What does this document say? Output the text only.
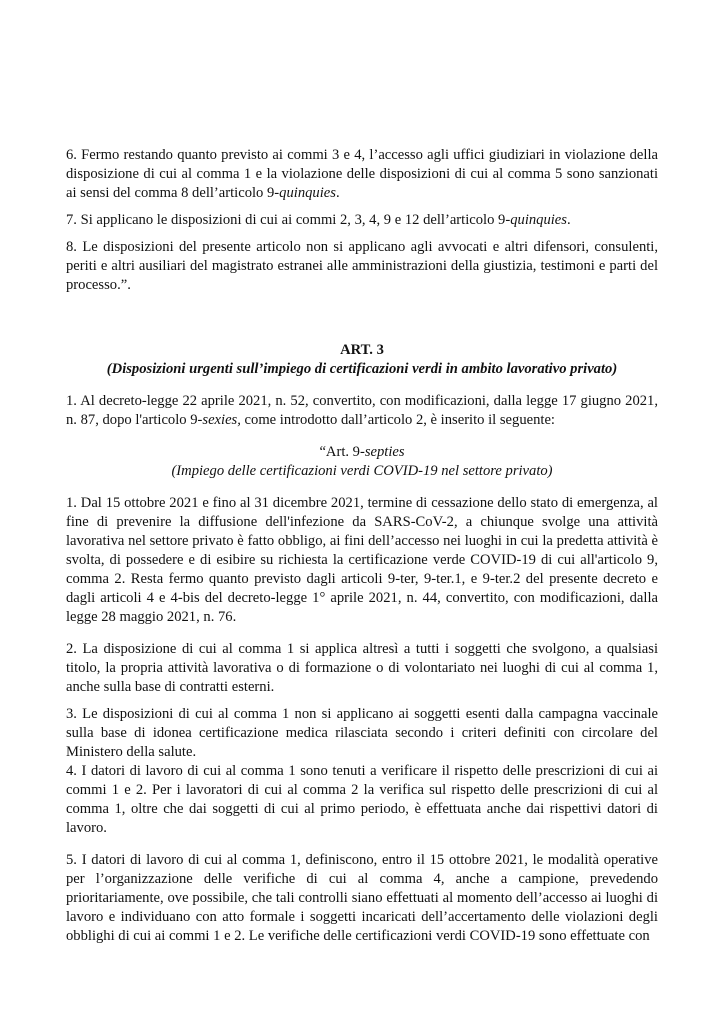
6. Fermo restando quanto previsto ai commi 3 e 4, l’accesso agli uffici giudiziari in violazione della disposizione di cui al comma 1 e la violazione delle disposizioni di cui al comma 5 sono sanzionati ai sensi del comma 8 dell’articolo 9-quinquies.

7. Si applicano le disposizioni di cui ai commi 2, 3, 4, 9 e 12 dell’articolo 9-quinquies.

8. Le disposizioni del presente articolo non si applicano agli avvocati e altri difensori, consulenti, periti e altri ausiliari del magistrato estranei alle amministrazioni della giustizia, testimoni e parti del processo.”.

ART. 3

(Disposizioni urgenti sull’impiego di certificazioni verdi in ambito lavorativo privato)

1. Al decreto-legge 22 aprile 2021, n. 52, convertito, con modificazioni, dalla legge 17 giugno 2021, n. 87, dopo l'articolo 9-sexies, come introdotto dall’articolo 2, è inserito il seguente:

“Art. 9-septies

(Impiego delle certificazioni verdi COVID-19 nel settore privato)

1. Dal 15 ottobre 2021 e fino al 31 dicembre 2021, termine di cessazione dello stato di emergenza, al fine di prevenire la diffusione dell'infezione da SARS-CoV-2, a chiunque svolge una attività lavorativa nel settore privato è fatto obbligo, ai fini dell’accesso nei luoghi in cui la predetta attività è svolta, di possedere e di esibire su richiesta la certificazione verde COVID-19 di cui all'articolo 9, comma 2. Resta fermo quanto previsto dagli articoli 9-ter, 9-ter.1, e 9-ter.2 del presente decreto e dagli articoli 4 e 4-bis del decreto-legge 1° aprile 2021, n. 44, convertito, con modificazioni, dalla legge 28 maggio 2021, n. 76.

2. La disposizione di cui al comma 1 si applica altresì a tutti i soggetti che svolgono, a qualsiasi titolo, la propria attività lavorativa o di formazione o di volontariato nei luoghi di cui al comma 1, anche sulla base di contratti esterni.

3. Le disposizioni di cui al comma 1 non si applicano ai soggetti esenti dalla campagna vaccinale sulla base di idonea certificazione medica rilasciata secondo i criteri definiti con circolare del Ministero della salute.

4. I datori di lavoro di cui al comma 1 sono tenuti a verificare il rispetto delle prescrizioni di cui ai commi 1 e 2. Per i lavoratori di cui al comma 2 la verifica sul rispetto delle prescrizioni di cui al comma 1, oltre che dai soggetti di cui al primo periodo, è effettuata anche dai rispettivi datori di lavoro.

5. I datori di lavoro di cui al comma 1, definiscono, entro il 15 ottobre 2021, le modalità operative per l’organizzazione delle verifiche di cui al comma 4, anche a campione, prevedendo prioritariamente, ove possibile, che tali controlli siano effettuati al momento dell’accesso ai luoghi di lavoro e individuano con atto formale i soggetti incaricati dell’accertamento delle violazioni degli obblighi di cui ai commi 1 e 2. Le verifiche delle certificazioni verdi COVID-19 sono effettuate con
